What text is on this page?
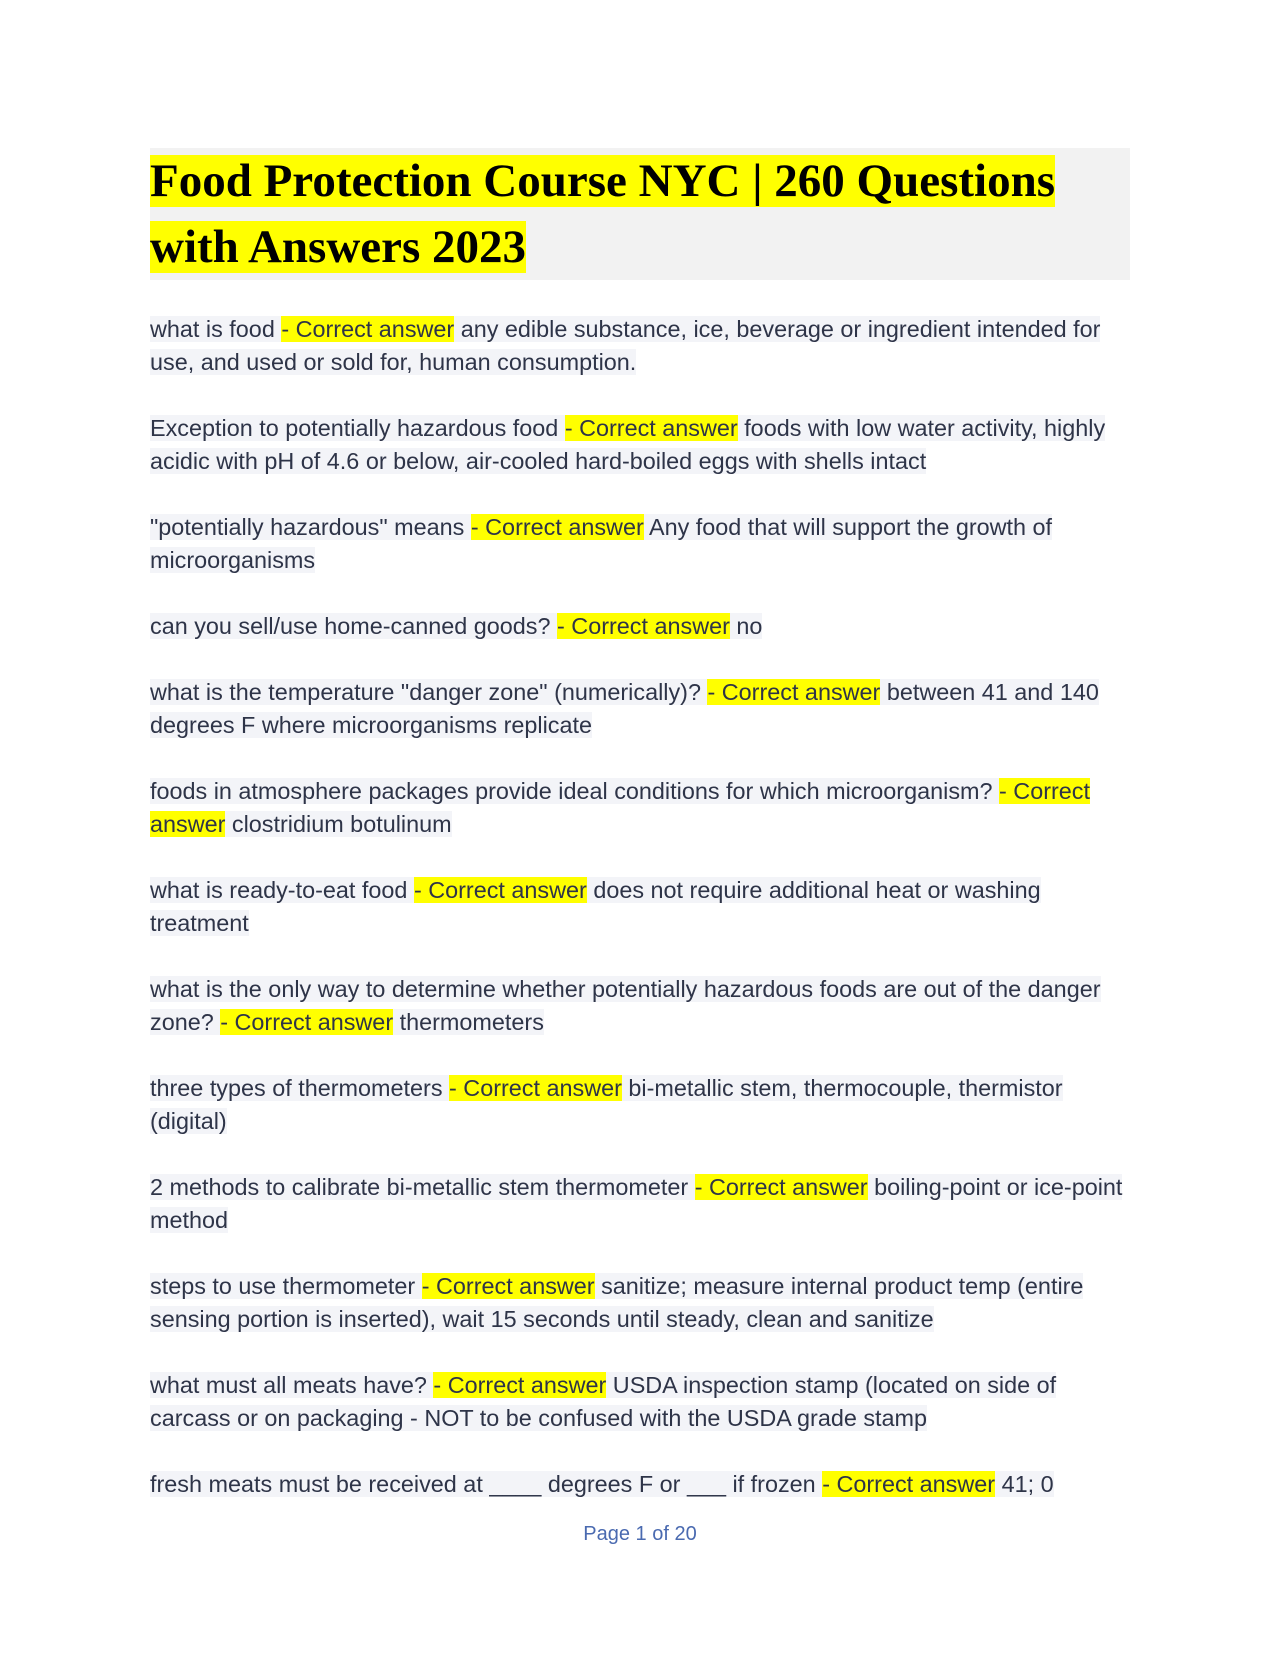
Food Protection Course NYC | 260 Questions with Answers 2023
what is food - Correct answer any edible substance, ice, beverage or ingredient intended for use, and used or sold for, human consumption.
Exception to potentially hazardous food - Correct answer foods with low water activity, highly acidic with pH of 4.6 or below, air-cooled hard-boiled eggs with shells intact
"potentially hazardous" means - Correct answer Any food that will support the growth of microorganisms
can you sell/use home-canned goods? - Correct answer no
what is the temperature "danger zone" (numerically)? - Correct answer between 41 and 140 degrees F where microorganisms replicate
foods in atmosphere packages provide ideal conditions for which microorganism? - Correct answer clostridium botulinum
what is ready-to-eat food - Correct answer does not require additional heat or washing treatment
what is the only way to determine whether potentially hazardous foods are out of the danger zone? - Correct answer thermometers
three types of thermometers - Correct answer bi-metallic stem, thermocouple, thermistor (digital)
2 methods to calibrate bi-metallic stem thermometer - Correct answer boiling-point or ice-point method
steps to use thermometer - Correct answer sanitize; measure internal product temp (entire sensing portion is inserted), wait 15 seconds until steady, clean and sanitize
what must all meats have? - Correct answer USDA inspection stamp (located on side of carcass or on packaging - NOT to be confused with the USDA grade stamp
fresh meats must be received at ____ degrees F or ___ if frozen - Correct answer 41; 0
Page 1 of 20
